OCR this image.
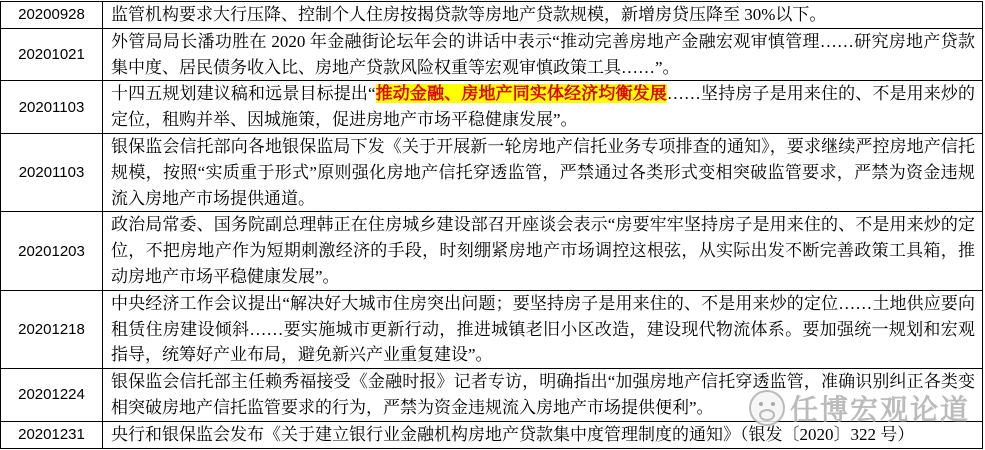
20200928	监管机构要求大行压降、控制个人住房按揭贷款等房地产贷款规模，新增房贷压降至 30%以下。
20201021	外管局局长潘功胜在 2020 年金融街论坛年会的讲话中表示“推动完善房地产金融宏观审慎管理……研究房地产贷款集中度、居民债务收入比、房地产贷款风险权重等宏观审慎政策工具……”。
20201103	十四五规划建议稿和远景目标提出“推动金融、房地产同实体经济均衡发展……坚持房子是用来住的、不是用来炒的定位，租购并举、因城施策，促进房地产市场平稳健康发展”。
20201103	银保监会信托部向各地银保监局下发《关于开展新一轮房地产信托业务专项排查的通知》，要求继续严控房地产信托规模，按照“实质重于形式”原则强化房地产信托穿透监管，严禁通过各类形式变相突破监管要求，严禁为资金违规流入房地产市场提供通道。
20201203	政治局常委、国务院副总理韩正在住房城乡建设部召开座谈会表示“房要牢牢坚持房子是用来住的、不是用来炒的定位，不把房地产作为短期刺激经济的手段，时刻绷紧房地产市场调控这根弦，从实际出发不断完善政策工具箱，推动房地产市场平稳健康发展”。
20201218	中央经济工作会议提出“解决好大城市住房突出问题；要坚持房子是用来住的、不是用来炒的定位……土地供应要向租赁住房建设倾斜……要实施城市更新行动，推进城镇老旧小区改造，建设现代物流体系。要加强统一规划和宏观指导，统筹好产业布局，避免新兴产业重复建设”。
20201224	银保监会信托部主任赖秀福接受《金融时报》记者专访，明确指出“加强房地产信托穿透监管，准确识别纠正各类变相突破房地产信托监管要求的行为，严禁为资金违规流入房地产市场提供便利”。
20201231	央行和银保监会发布《关于建立银行业金融机构房地产贷款集中度管理制度的通知》（银发〔2020〕322 号）
任博宏观论道
